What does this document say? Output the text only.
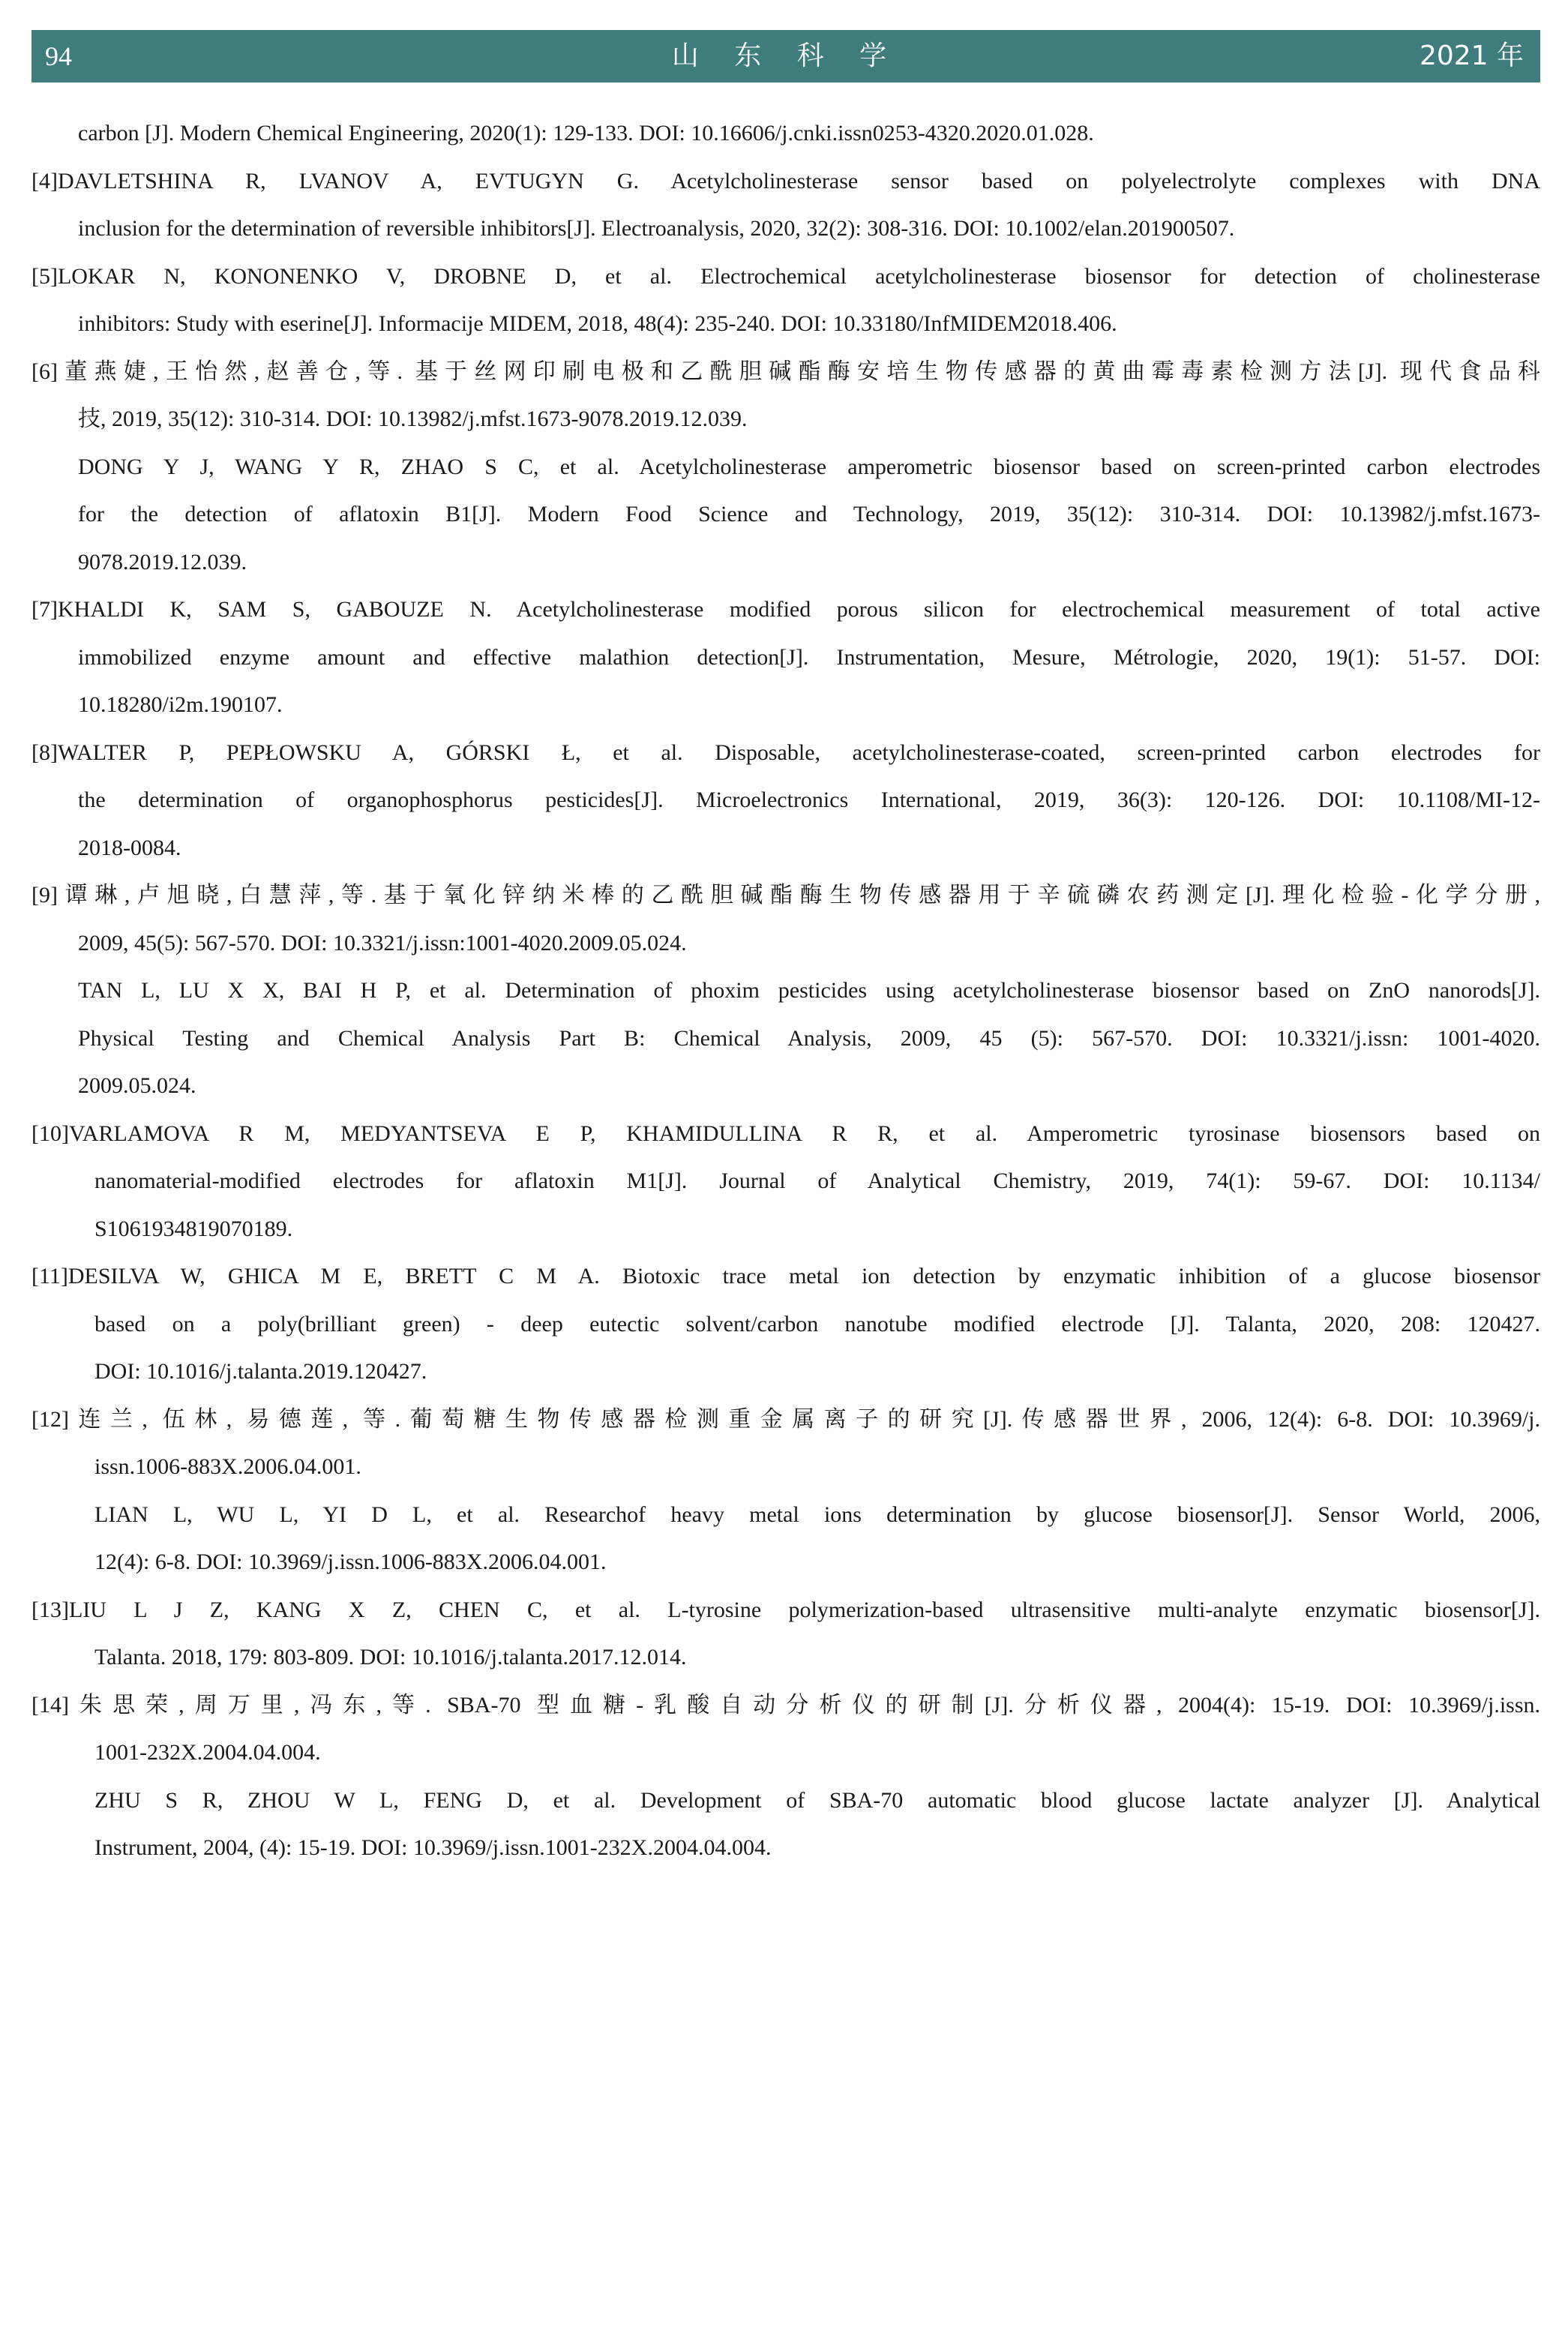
94	山 东 科 学	2021 年
carbon [J]. Modern Chemical Engineering, 2020(1): 129-133. DOI: 10.16606/j.cnki.issn0253-4320.2020.01.028.
[4]DAVLETSHINA R, LVANOV A, EVTUGYN G. Acetylcholinesterase sensor based on polyelectrolyte complexes with DNA
inclusion for the determination of reversible inhibitors[J]. Electroanalysis, 2020, 32(2): 308-316. DOI: 10.1002/elan.201900507.
[5]LOKAR N, KONONENKO V, DROBNE D, et al. Electrochemical acetylcholinesterase biosensor for detection of cholinesterase
inhibitors: Study with eserine[J]. Informacije MIDEM, 2018, 48(4): 235-240. DOI: 10.33180/InfMIDEM2018.406.
[6]董燕婕,王怡然,赵善仓,等. 基于丝网印刷电极和乙酰胆碱酯酶安培生物传感器的黄曲霉毒素检测方法[J]. 现代食品科
技, 2019, 35(12): 310-314. DOI: 10.13982/j.mfst.1673-9078.2019.12.039.
DONG Y J, WANG Y R, ZHAO S C, et al. Acetylcholinesterase amperometric biosensor based on screen-printed carbon electrodes
for the detection of aflatoxin B1[J]. Modern Food Science and Technology, 2019, 35(12): 310-314. DOI: 10.13982/j.mfst.1673-
9078.2019.12.039.
[7]KHALDI K, SAM S, GABOUZE N. Acetylcholinesterase modified porous silicon for electrochemical measurement of total active
immobilized enzyme amount and effective malathion detection[J]. Instrumentation, Mesure, Métrologie, 2020, 19(1): 51-57. DOI:
10.18280/i2m.190107.
[8]WALTER P, PEPŁOWSKU A, GÓRSKI Ł, et al. Disposable, acetylcholinesterase-coated, screen-printed carbon electrodes for
the determination of organophosphorus pesticides[J]. Microelectronics International, 2019, 36(3): 120-126. DOI: 10.1108/MI-12-
2018-0084.
[9]谭琳,卢旭晓,白慧萍,等.基于氧化锌纳米棒的乙酰胆碱酯酶生物传感器用于辛硫磷农药测定[J].理化检验-化学分册,
2009, 45(5): 567-570. DOI: 10.3321/j.issn:1001-4020.2009.05.024.
TAN L, LU X X, BAI H P, et al. Determination of phoxim pesticides using acetylcholinesterase biosensor based on ZnO nanorods[J].
Physical Testing and Chemical Analysis Part B: Chemical Analysis, 2009, 45 (5): 567-570. DOI: 10.3321/j.issn: 1001-4020.
2009.05.024.
[10]VARLAMOVA R M, MEDYANTSEVA E P, KHAMIDULLINA R R, et al. Amperometric tyrosinase biosensors based on
nanomaterial-modified electrodes for aflatoxin M1[J]. Journal of Analytical Chemistry, 2019, 74(1): 59-67. DOI: 10.1134/
S1061934819070189.
[11]DESILVA W, GHICA M E, BRETT C M A. Biotoxic trace metal ion detection by enzymatic inhibition of a glucose biosensor
based on a poly(brilliant green) - deep eutectic solvent/carbon nanotube modified electrode [J]. Talanta, 2020, 208: 120427.
DOI: 10.1016/j.talanta.2019.120427.
[12]连兰, 伍林, 易德莲, 等.葡萄糖生物传感器检测重金属离子的研究[J].传感器世界, 2006, 12(4): 6-8. DOI: 10.3969/j.
issn.1006-883X.2006.04.001.
LIAN L, WU L, YI D L, et al. Researchof heavy metal ions determination by glucose biosensor[J]. Sensor World, 2006,
12(4): 6-8. DOI: 10.3969/j.issn.1006-883X.2006.04.001.
[13]LIU L J Z, KANG X Z, CHEN C, et al. L-tyrosine polymerization-based ultrasensitive multi-analyte enzymatic biosensor[J].
Talanta. 2018, 179: 803-809. DOI: 10.1016/j.talanta.2017.12.014.
[14]朱思荣,周万里,冯东,等. SBA-70 型血糖-乳酸自动分析仪的研制[J].分析仪器, 2004(4): 15-19. DOI: 10.3969/j.issn.
1001-232X.2004.04.004.
ZHU S R, ZHOU W L, FENG D, et al. Development of SBA-70 automatic blood glucose lactate analyzer [J]. Analytical
Instrument, 2004, (4): 15-19. DOI: 10.3969/j.issn.1001-232X.2004.04.004.
